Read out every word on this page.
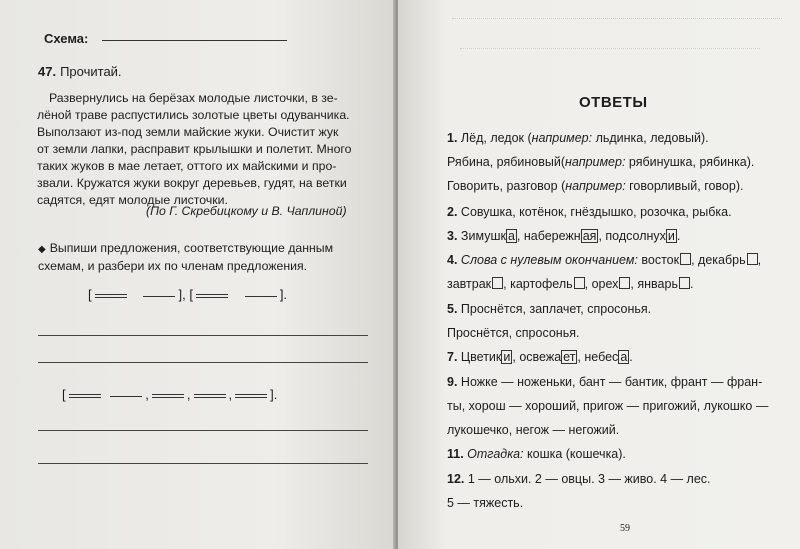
Схема:
47. Прочитай.
Развернулись на берёзах молодые листочки, в зе-
лёной траве распустились золотые цветы одуванчика.
Выползают из-под земли майские жуки. Очистит жук
от земли лапки, расправит крылышки и полетит. Много
таких жуков в мае летает, оттого их майскими и про-
звали. Кружатся жуки вокруг деревьев, гудят, на ветки
садятся, едят молодые листочки.
(По Г. Скребицкому и В. Чаплиной)
◆ Выпиши предложения, соответствующие данным
схемам, и разбери их по членам предложения.
[	], [	].
[	,	,	,	].
ОТВЕТЫ
1. Лёд, ледок (например: льдинка, ледовый).
Рябина, рябиновый(например: рябинушка, рябинка).
Говорить, разговор (например: говорливый, говор).
2. Совушка, котёнок, гнёздышко, розочка, рыбка.
3. Зимушк а , набережн ая , подсолнух и .
4. Слова с нулевым окончанием: восток , декабрь ,
завтрак , картофель , орех , январь .
5. Проснётся, заплачет, спросонья.
Проснётся, спросонья.
7. Цветик и , освежа ет , небес а .
9. Ножке — ноженьки, бант — бантик, франт — фран-
ты, хорош — хороший, пригож — пригожий, лукошко —
лукошечко, негож — негожий.
11. Отгадка: кошка (кошечка).
12. 1 — ольхи. 2 — овцы. 3 — живо. 4 — лес.
5 — тяжесть.
59
